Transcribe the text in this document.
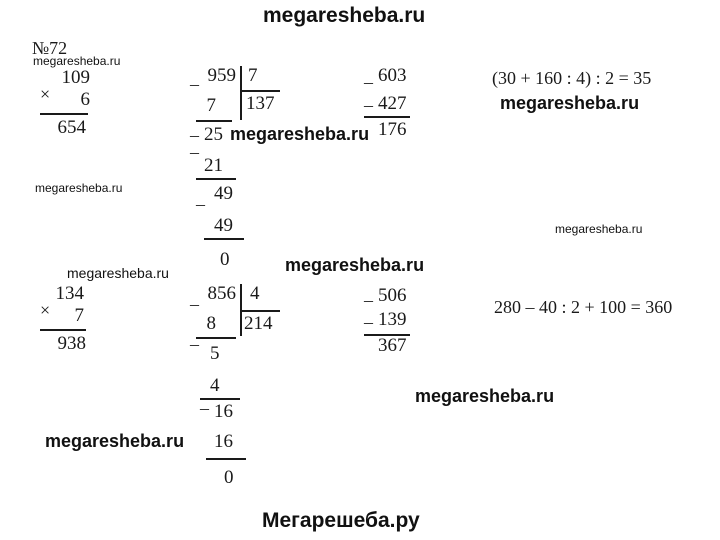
megaresheba.ru
Мегарешеба.ру
megaresheba.ru
megaresheba.ru
megaresheba.ru
megaresheba.ru
megaresheba.ru
megaresheba.ru
megaresheba.ru
megaresheba.ru
megaresheba.ru
№72
109
×	6
654
– 959 7
137
7
– 25
21
–
49
–
49
0
– 603
– 427
176
(30 + 160 : 4) : 2 = 35
134
×	7
938
– 856 4
214
8
– 5
4
– 16
16
0
– 506
– 139
367
280 – 40 : 2 + 100 = 360
